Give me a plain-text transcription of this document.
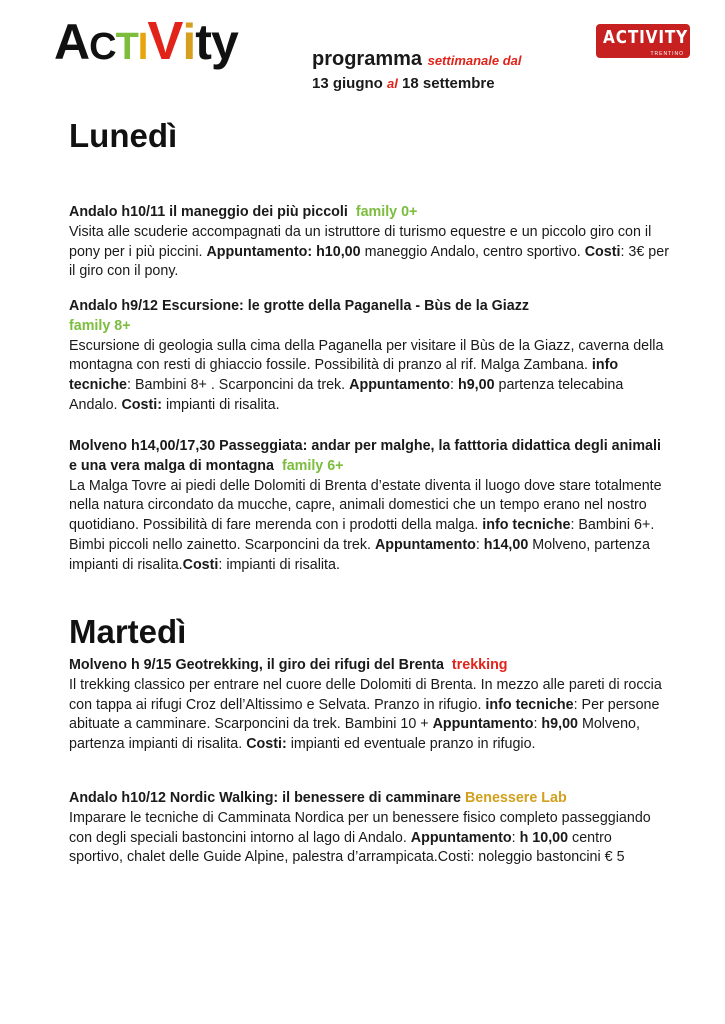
ACTIVity	programma settimanale dal
13 giugno al 18 settembre
ACTIVITY
TRENTINO
Lunedì
Andalo h10/11 il maneggio dei più piccoli family 0+
Visita alle scuderie accompagnati da un istruttore di turismo equestre e un piccolo giro con il pony per i più piccini. Appuntamento: h10,00 maneggio Andalo, centro sportivo. Costi: 3€ per il giro con il pony.
Andalo h9/12 Escursione: le grotte della Paganella - Bùs de la Giazz
family 8+
Escursione di geologia sulla cima della Paganella per visitare il Bùs de la Giazz, caverna della montagna con resti di ghiaccio fossile. Possibilità di pranzo al rif. Malga Zambana. info tecniche: Bambini 8+ . Scarponcini da trek. Appuntamento: h9,00 partenza telecabina Andalo. Costi: impianti di risalita.
Molveno h14,00/17,30 Passeggiata: andar per malghe, la fatttoria didattica degli animali e una vera malga di montagna family 6+
La Malga Tovre ai piedi delle Dolomiti di Brenta d’estate diventa il luogo dove stare totalmente nella natura circondato da mucche, capre, animali domestici che un tempo erano nel nostro quotidiano. Possibilità di fare merenda con i prodotti della malga. info tecniche: Bambini 6+. Bimbi piccoli nello zainetto. Scarponcini da trek. Appuntamento: h14,00 Molveno, partenza impianti di risalita.Costi: impianti di risalita.
Martedì
Molveno h 9/15 Geotrekking, il giro dei rifugi del Brenta trekking
Il trekking classico per entrare nel cuore delle Dolomiti di Brenta. In mezzo alle pareti di roccia con tappa ai rifugi Croz dell’Altissimo e Selvata. Pranzo in rifugio. info tecniche: Per persone abituate a camminare. Scarponcini da trek. Bambini 10 + Appuntamento: h9,00 Molveno, partenza impianti di risalita. Costi: impianti ed eventuale pranzo in rifugio.
Andalo h10/12 Nordic Walking: il benessere di camminare Benessere Lab
Imparare le tecniche di Camminata Nordica per un benessere fisico completo passeggiando con degli speciali bastoncini intorno al lago di Andalo. Appuntamento: h 10,00 centro sportivo, chalet delle Guide Alpine, palestra d’arrampicata.Costi: noleggio bastoncini € 5
